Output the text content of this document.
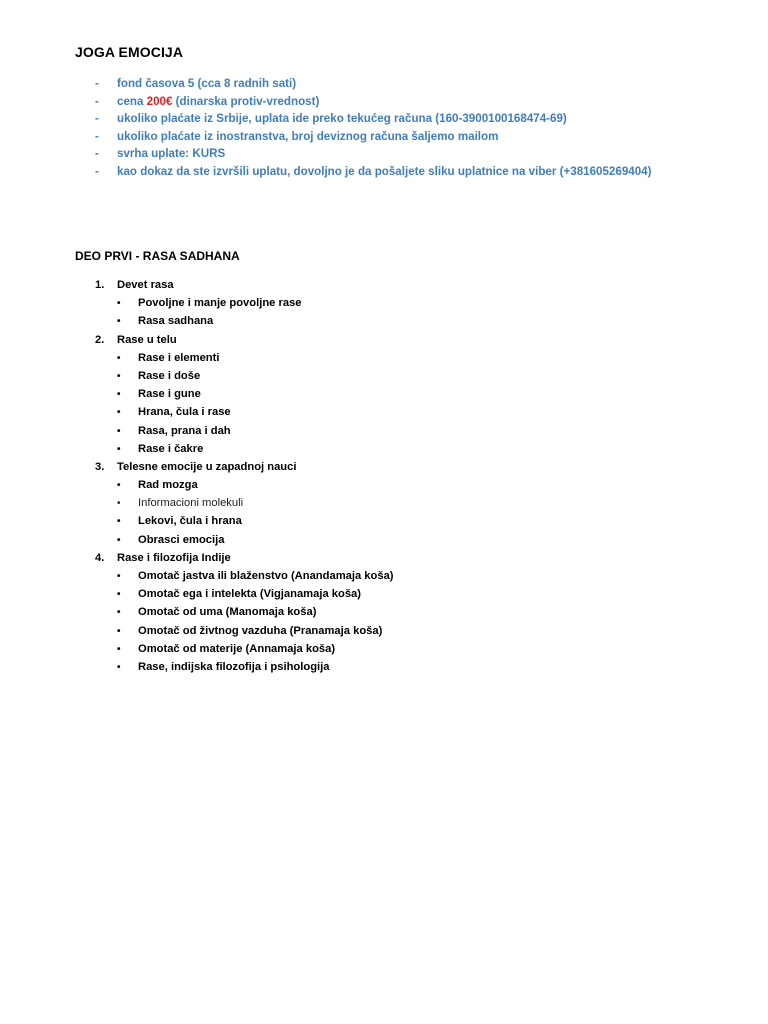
JOGA EMOCIJA
- fond časova 5 (cca 8 radnih sati)
- cena 200€ (dinarska protiv-vrednost)
- ukoliko plaćate iz Srbije, uplata ide preko tekućeg računa (160-3900100168474-69)
- ukoliko plaćate iz inostranstva, broj deviznog računa šaljemo mailom
- svrha uplate: KURS
- kao dokaz da ste izvršili uplatu, dovoljno je da pošaljete sliku uplatnice na viber (+381605269404)
DEO PRVI - RASA SADHANA
1. Devet rasa
• Povoljne i manje povoljne rase
• Rasa sadhana
2. Rase u telu
• Rase i elementi
• Rase i doše
• Rase i gune
• Hrana, čula i rase
• Rasa, prana i dah
• Rase i čakre
3. Telesne emocije u zapadnoj nauci
• Rad mozga
• Informacioni molekuli
• Lekovi, čula i hrana
• Obrasci emocija
4. Rase i filozofija Indije
• Omotač jastva ili blaženstvo (Anandamaja koša)
• Omotač ega i intelekta (Vigjanamaja koša)
• Omotač od uma (Manomaja koša)
• Omotač od živtnog vazduha (Pranamaja koša)
• Omotač od materije (Annamaja koša)
• Rase, indijska filozofija i psihologija
